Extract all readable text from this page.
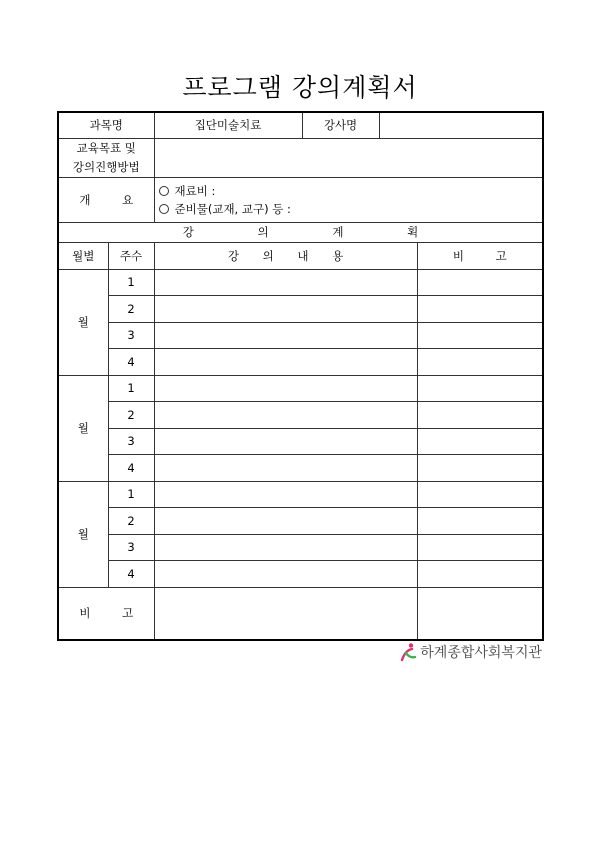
프로그램 강의계획서
과목명		집단미술치료	강사명		

교육목표 및
강의진행방법					

개 요		재료비 :
준비물(교재, 교구) 등 :			

강 의 계 획					
월별	주수	강 의 내 용			비 고
월	1				
	2				
	3				
	4				
월	1				
	2				
	3				
	4				
월	1				
	2				
	3				
	4				
비 고					
하계종합사회복지관
